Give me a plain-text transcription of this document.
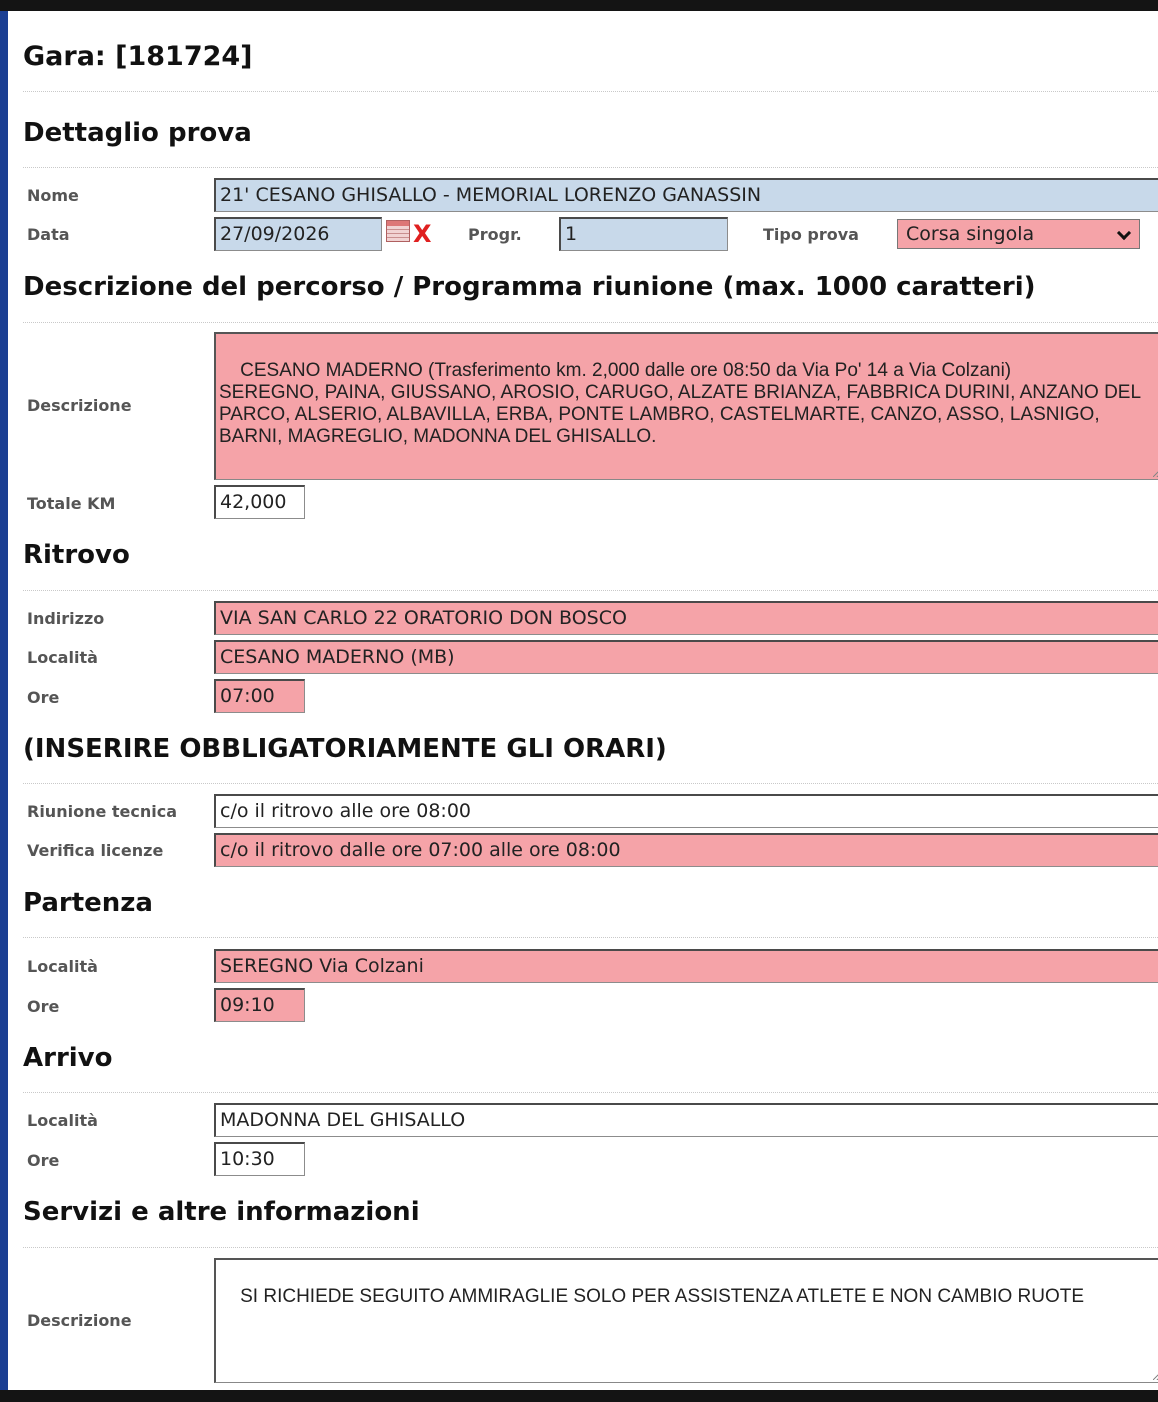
Gara: [181724]
Dettaglio prova
Nome	21' CESANO GHISALLO - MEMORIAL LORENZO GANASSIN
Data	27/09/2026	X Progr.	1	Tipo prova	Corsa singola
Descrizione del percorso / Programma riunione (max. 1000 caratteri)
Descrizione

CESANO MADERNO (Trasferimento km. 2,000 dalle ore 08:50 da Via Po' 14 a Via Colzani)
SEREGNO, PAINA, GIUSSANO, AROSIO, CARUGO, ALZATE BRIANZA, FABBRICA DURINI, ANZANO DEL PARCO, ALSERIO, ALBAVILLA, ERBA, PONTE LAMBRO, CASTELMARTE, CANZO, ASSO, LASNIGO, BARNI, MAGREGLIO, MADONNA DEL GHISALLO.

Totale KM	42,000
Ritrovo
Indirizzo	VIA SAN CARLO 22 ORATORIO DON BOSCO
Località	CESANO MADERNO (MB)
Ore	07:00
(INSERIRE OBBLIGATORIAMENTE GLI ORARI)
Riunione tecnica	c/o il ritrovo alle ore 08:00
Verifica licenze	c/o il ritrovo dalle ore 07:00 alle ore 08:00
Partenza
Località	SEREGNO Via Colzani
Ore	09:10
Arrivo
Località	MADONNA DEL GHISALLO
Ore	10:30
Servizi e altre informazioni
Descrizione

SI RICHIEDE SEGUITO AMMIRAGLIE SOLO PER ASSISTENZA ATLETE E NON CAMBIO RUOTE
